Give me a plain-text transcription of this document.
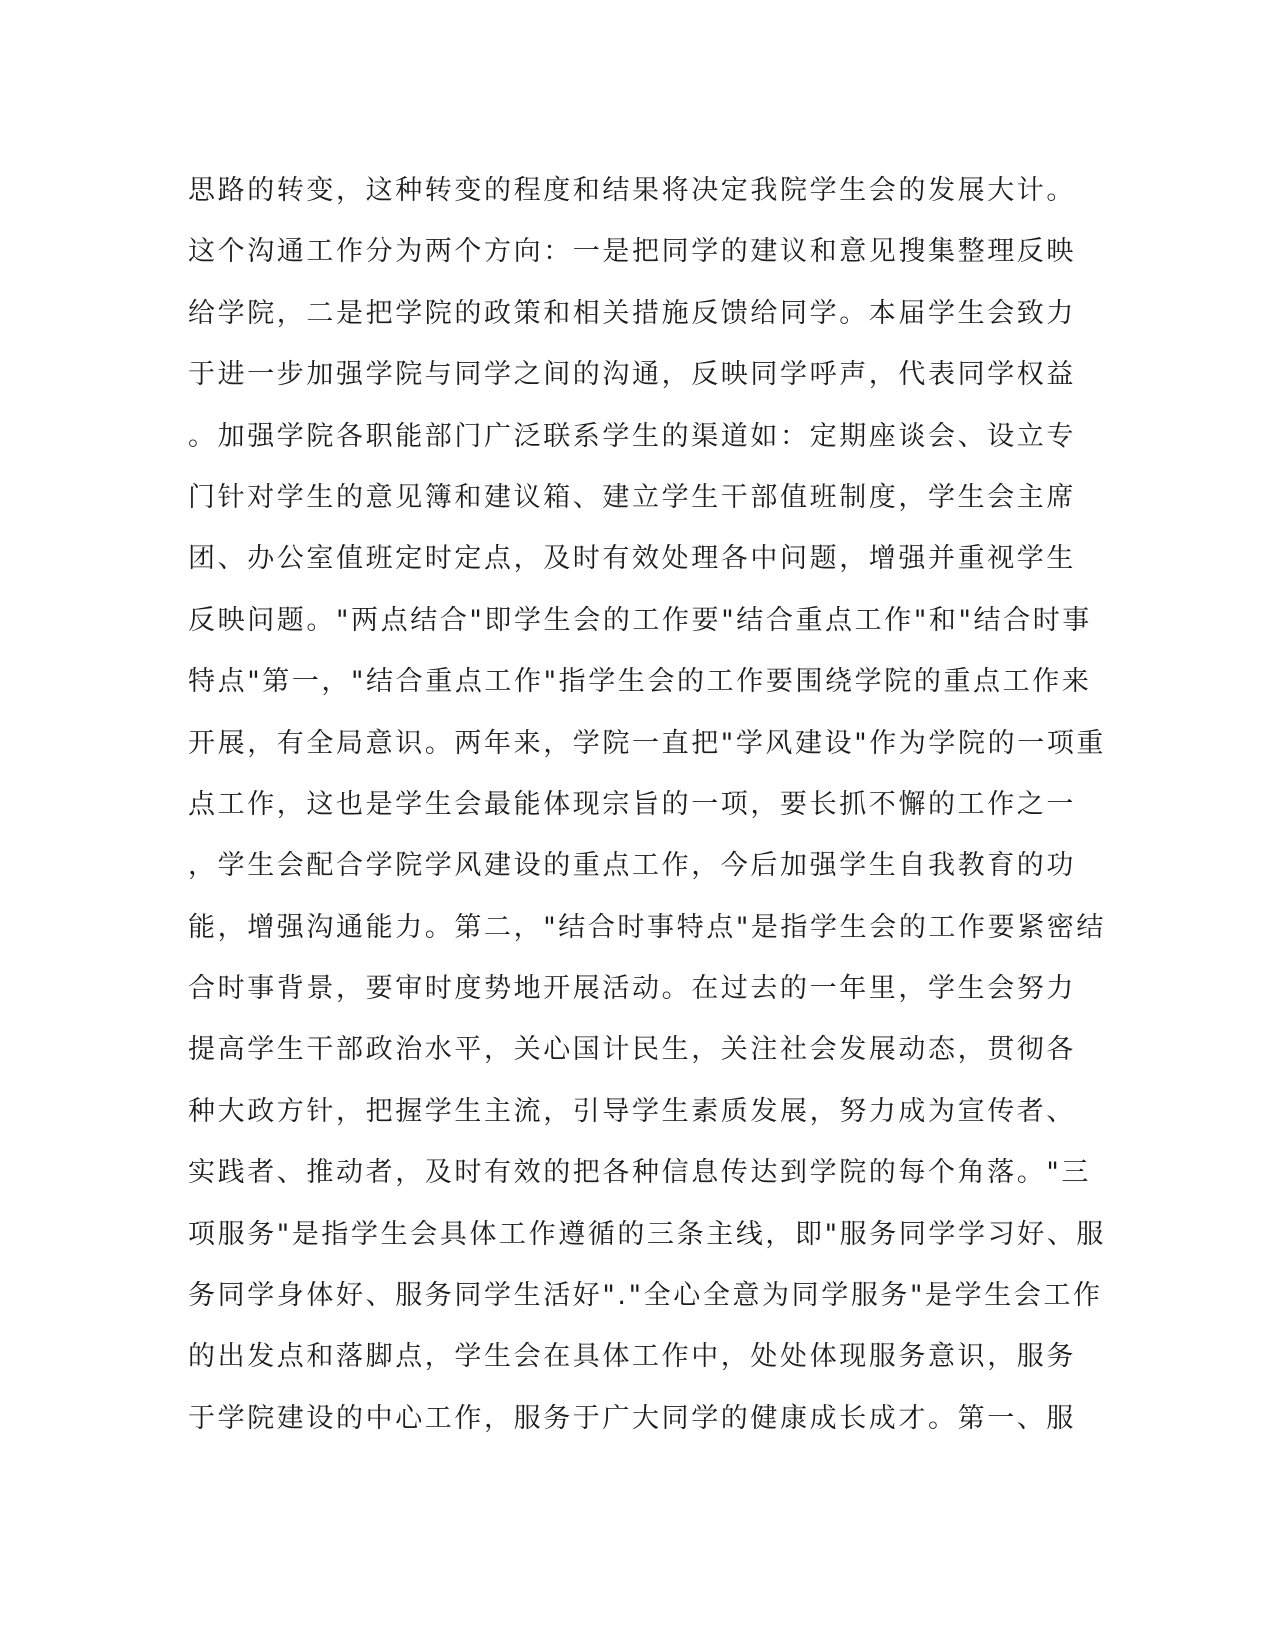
思路的转变，这种转变的程度和结果将决定我院学生会的发展大计。
这个沟通工作分为两个方向：一是把同学的建议和意见搜集整理反映
给学院，二是把学院的政策和相关措施反馈给同学。本届学生会致力
于进一步加强学院与同学之间的沟通，反映同学呼声，代表同学权益
。加强学院各职能部门广泛联系学生的渠道如：定期座谈会、设立专
门针对学生的意见簿和建议箱、建立学生干部值班制度，学生会主席
团、办公室值班定时定点，及时有效处理各中问题，增强并重视学生
反映问题。"两点结合"即学生会的工作要"结合重点工作"和"结合时事
特点"第一，"结合重点工作"指学生会的工作要围绕学院的重点工作来
开展，有全局意识。两年来，学院一直把"学风建设"作为学院的一项重
点工作，这也是学生会最能体现宗旨的一项，要长抓不懈的工作之一
，学生会配合学院学风建设的重点工作，今后加强学生自我教育的功
能，增强沟通能力。第二，"结合时事特点"是指学生会的工作要紧密结
合时事背景，要审时度势地开展活动。在过去的一年里，学生会努力
提高学生干部政治水平，关心国计民生，关注社会发展动态，贯彻各
种大政方针，把握学生主流，引导学生素质发展，努力成为宣传者、
实践者、推动者，及时有效的把各种信息传达到学院的每个角落。"三
项服务"是指学生会具体工作遵循的三条主线，即"服务同学学习好、服
务同学身体好、服务同学生活好"."全心全意为同学服务"是学生会工作
的出发点和落脚点，学生会在具体工作中，处处体现服务意识，服务
于学院建设的中心工作，服务于广大同学的健康成长成才。第一、服
